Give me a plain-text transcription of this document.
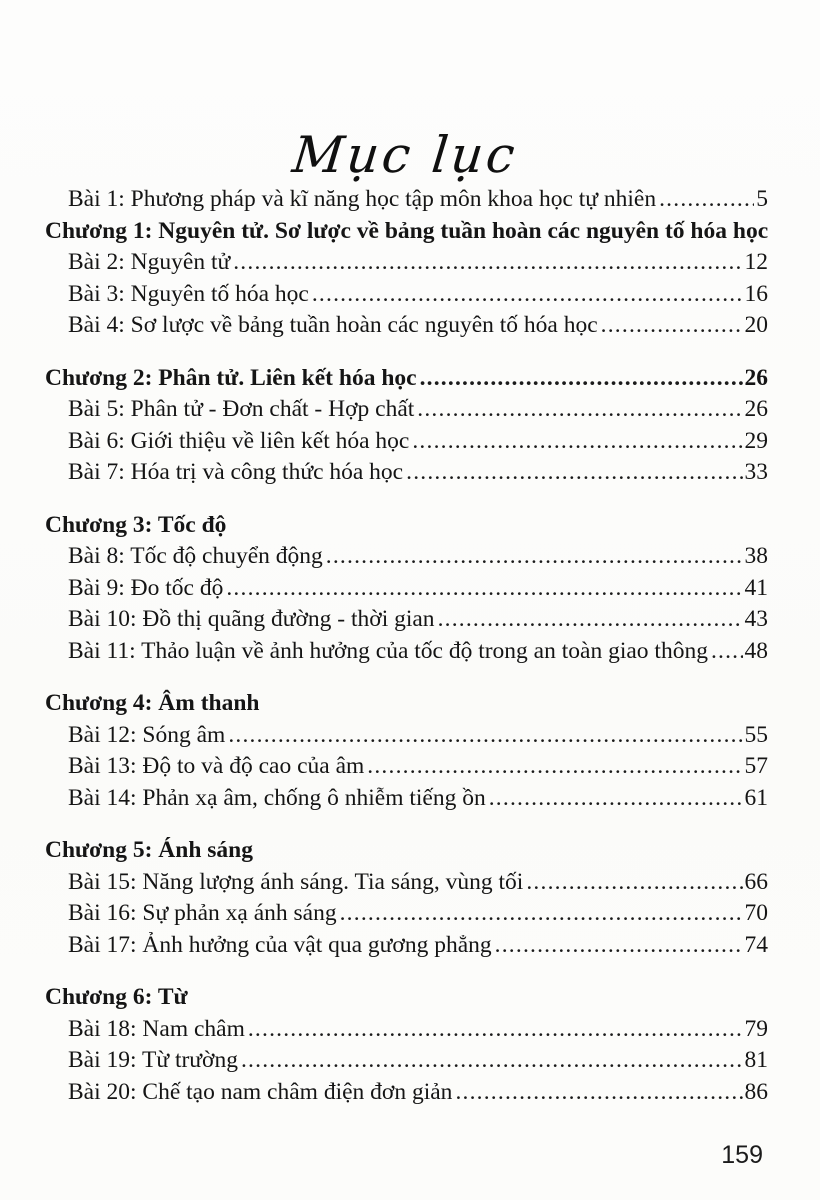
Mục lục
Bài 1: Phương pháp và kĩ năng học tập môn khoa học tự nhiên .....	5
Chương 1: Nguyên tử. Sơ lược về bảng tuần hoàn các nguyên tố hóa học
Bài 2: Nguyên tử .....	12
Bài 3: Nguyên tố hóa học .....	16
Bài 4: Sơ lược về bảng tuần hoàn các nguyên tố hóa học .....	20
Chương 2: Phân tử. Liên kết hóa học .....	26
Bài 5: Phân tử - Đơn chất - Hợp chất .....	26
Bài 6: Giới thiệu về liên kết hóa học .....	29
Bài 7: Hóa trị và công thức hóa học .....	33
Chương 3: Tốc độ
Bài 8: Tốc độ chuyển động .....	38
Bài 9: Đo tốc độ .....	41
Bài 10: Đồ thị quãng đường - thời gian .....	43
Bài 11: Thảo luận về ảnh hưởng của tốc độ trong an toàn giao thông ..... 48
Chương 4: Âm thanh
Bài 12: Sóng âm .....	55
Bài 13: Độ to và độ cao của âm .....	57
Bài 14: Phản xạ âm, chống ô nhiễm tiếng ồn .....	61
Chương 5: Ánh sáng
Bài 15: Năng lượng ánh sáng. Tia sáng, vùng tối .....	66
Bài 16: Sự phản xạ ánh sáng .....	70
Bài 17: Ảnh hưởng của vật qua gương phẳng .....	74
Chương 6: Từ
Bài 18: Nam châm .....	79
Bài 19: Từ trường .....	81
Bài 20: Chế tạo nam châm điện đơn giản .....	86
159
